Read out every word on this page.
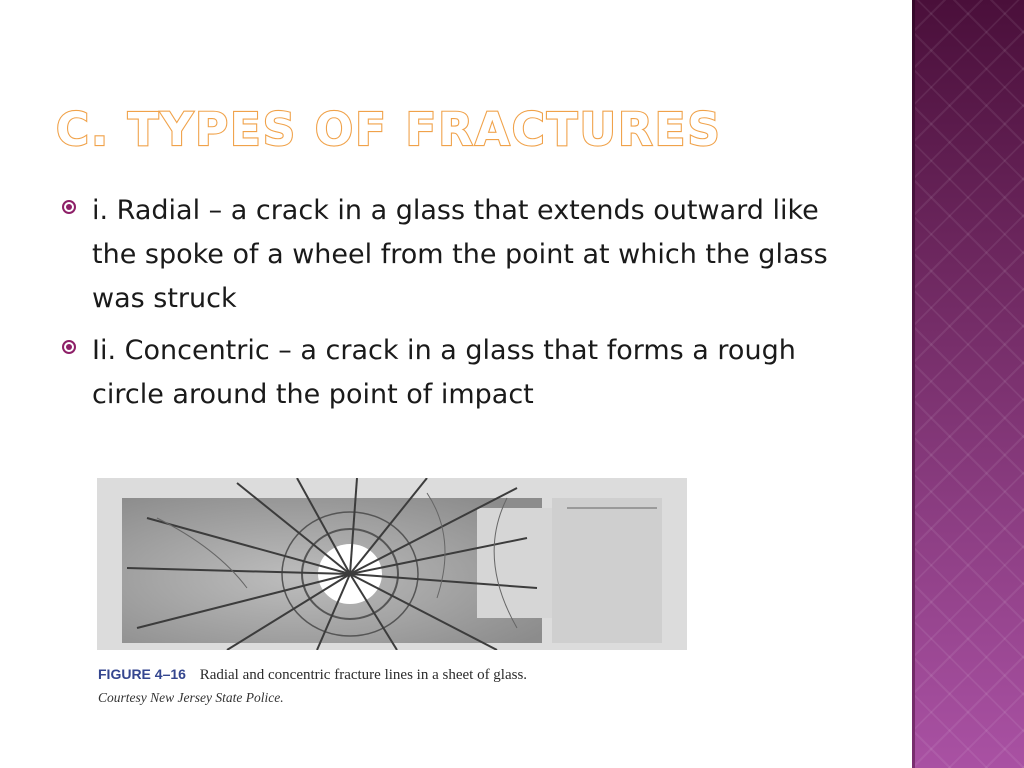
C. TYPES OF FRACTURES
i. Radial – a crack in a glass that extends outward like the spoke of a wheel from the point at which the glass was struck
Ii. Concentric – a crack in a glass that forms a rough circle around the point of impact
FIGURE 4–16 Radial and concentric fracture lines in a sheet of glass.
Courtesy New Jersey State Police.
